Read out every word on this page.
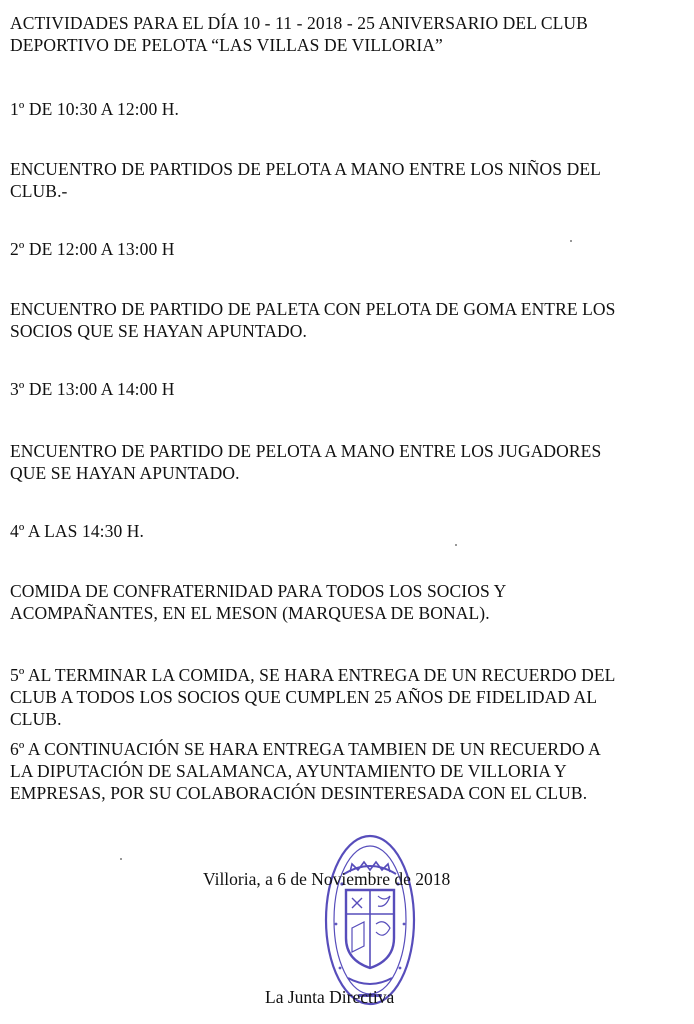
ACTIVIDADES PARA EL DÍA 10 - 11 - 2018 - 25 ANIVERSARIO DEL CLUB
DEPORTIVO DE PELOTA “LAS VILLAS DE VILLORIA”
1º DE 10:30 A 12:00 H.
ENCUENTRO DE PARTIDOS DE PELOTA A MANO ENTRE LOS NIÑOS DEL
CLUB.-
2º DE 12:00 A 13:00 H
ENCUENTRO DE PARTIDO DE PALETA CON PELOTA DE GOMA ENTRE LOS
SOCIOS QUE SE HAYAN APUNTADO.
3º DE 13:00 A 14:00 H
ENCUENTRO DE PARTIDO DE PELOTA A MANO ENTRE LOS JUGADORES
QUE SE HAYAN APUNTADO.
4º A LAS 14:30 H.
COMIDA DE CONFRATERNIDAD PARA TODOS LOS SOCIOS Y
ACOMPAÑANTES, EN EL MESON (MARQUESA DE BONAL).
5º AL TERMINAR LA COMIDA, SE HARA ENTREGA DE UN RECUERDO DEL
CLUB A TODOS LOS SOCIOS QUE CUMPLEN 25 AÑOS DE FIDELIDAD AL
CLUB.
6º A CONTINUACIÓN SE HARA ENTREGA TAMBIEN DE UN RECUERDO A
LA DIPUTACIÓN DE SALAMANCA, AYUNTAMIENTO DE VILLORIA Y
EMPRESAS, POR SU COLABORACIÓN DESINTERESADA CON EL CLUB.
Villoria, a 6 de Noviembre de 2018
La Junta Directiva
